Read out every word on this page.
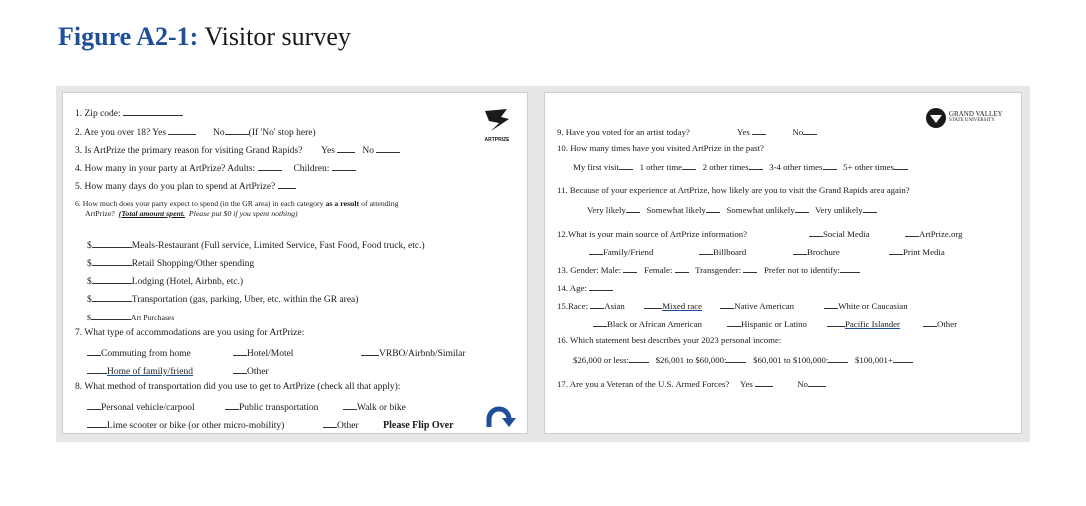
Figure A2-1: Visitor survey
ARTPRIZE
1. Zip code:
2. Are you over 18? Yes	No	(If 'No' stop here)
3. Is ArtPrize the primary reason for visiting Grand Rapids? Yes	No
4. How many in your party at ArtPrize? Adults:	Children:
5. How many days do you plan to spend at ArtPrize?
6. How much does your party expect to spend (in the GR area) in each category as a result of attending
ArtPrize? (Total amount spent. Please put $0 if you spent nothing)
$	Meals-Restaurant (Full service, Limited Service, Fast Food, Food truck, etc.)
$	Retail Shopping/Other spending
$	Lodging (Hotel, Airbnb, etc.)
$	Transportation (gas, parking, Uber, etc. within the GR area)
$	Art Purchases
7. What type of accommodations are you using for ArtPrize:
Commuting from home	Hotel/Motel	VRBO/Airbnb/Similar
Home of family/friend	Other
8. What method of transportation did you use to get to ArtPrize (check all that apply):
Personal vehicle/carpool	Public transportation	Walk or bike
Lime scooter or bike (or other micro-mobility)	Other Please Flip Over
GRAND VALLEY
STATE UNIVERSITY
9. Have you voted for an artist today?	Yes	No
10. How many times have you visited ArtPrize in the past?
My first visit 1 other time 2 other times 3-4 other times 5+ other times
11. Because of your experience at ArtPrize, how likely are you to visit the Grand Rapids area again?
Very likely Somewhat likely Somewhat unlikely Very unlikely
12.What is your main source of ArtPrize information?	Social Media	ArtPrize.org
Family/Friend	Billboard	Brochure	Print Media
13. Gender: Male:	Female:	Transgender:	Prefer not to identify:
14. Age:
15.Race: Asian	Mixed race	Native American	White or Caucasian
Black or African American	Hispanic or Latino	Pacific Islander	Other
16. Which statement best describes your 2023 personal income:
$26,000 or less:	$26,001 to $60,000:	$60,001 to $100,000:	$100,001+
17. Are you a Veteran of the U.S. Armed Forces? Yes	No
